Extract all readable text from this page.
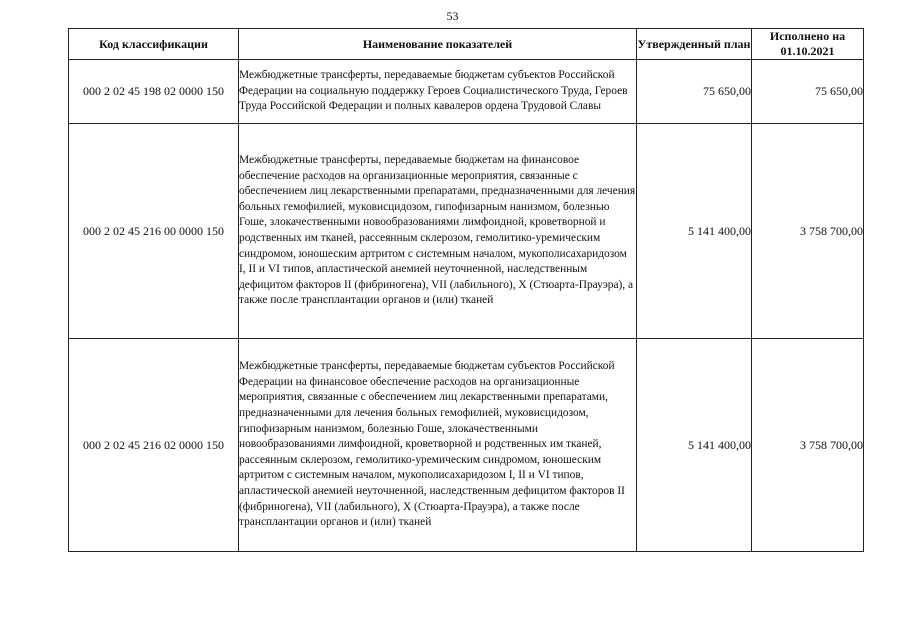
53
Код классификации	Наименование показателей	Утвержденный план	Исполнено на 01.10.2021
000 2 02 45 198 02 0000 150	Межбюджетные трансферты, передаваемые бюджетам субъектов Российской Федерации на социальную поддержку Героев Социалистического Труда, Героев Труда Российской Федерации и полных кавалеров ордена Трудовой Славы	75 650,00	75 650,00
000 2 02 45 216 00 0000 150	Межбюджетные трансферты, передаваемые бюджетам на финансовое обеспечение расходов на организационные мероприятия, связанные с обеспечением лиц лекарственными препаратами, предназначенными для лечения больных гемофилией, муковисцидозом, гипофизарным нанизмом, болезнью Гоше, злокачественными новообразованиями лимфоидной, кроветворной и родственных им тканей, рассеянным склерозом, гемолитико-уремическим синдромом, юношеским артритом с системным началом, мукополисахаридозом I, II и VI типов, апластической анемией неуточненной, наследственным дефицитом факторов II (фибриногена), VII (лабильного), X (Стюарта-Прауэра), а также после трансплантации органов и (или) тканей	5 141 400,00	3 758 700,00
000 2 02 45 216 02 0000 150	Межбюджетные трансферты, передаваемые бюджетам субъектов Российской Федерации на финансовое обеспечение расходов на организационные мероприятия, связанные с обеспечением лиц лекарственными препаратами, предназначенными для лечения больных гемофилией, муковисцидозом, гипофизарным нанизмом, болезнью Гоше, злокачественными новообразованиями лимфоидной, кроветворной и родственных им тканей, рассеянным склерозом, гемолитико-уремическим синдромом, юношеским артритом с системным началом, мукополисахаридозом I, II и VI типов, апластической анемией неуточненной, наследственным дефицитом факторов II (фибриногена), VII (лабильного), X (Стюарта-Прауэра), а также после трансплантации органов и (или) тканей	5 141 400,00	3 758 700,00
